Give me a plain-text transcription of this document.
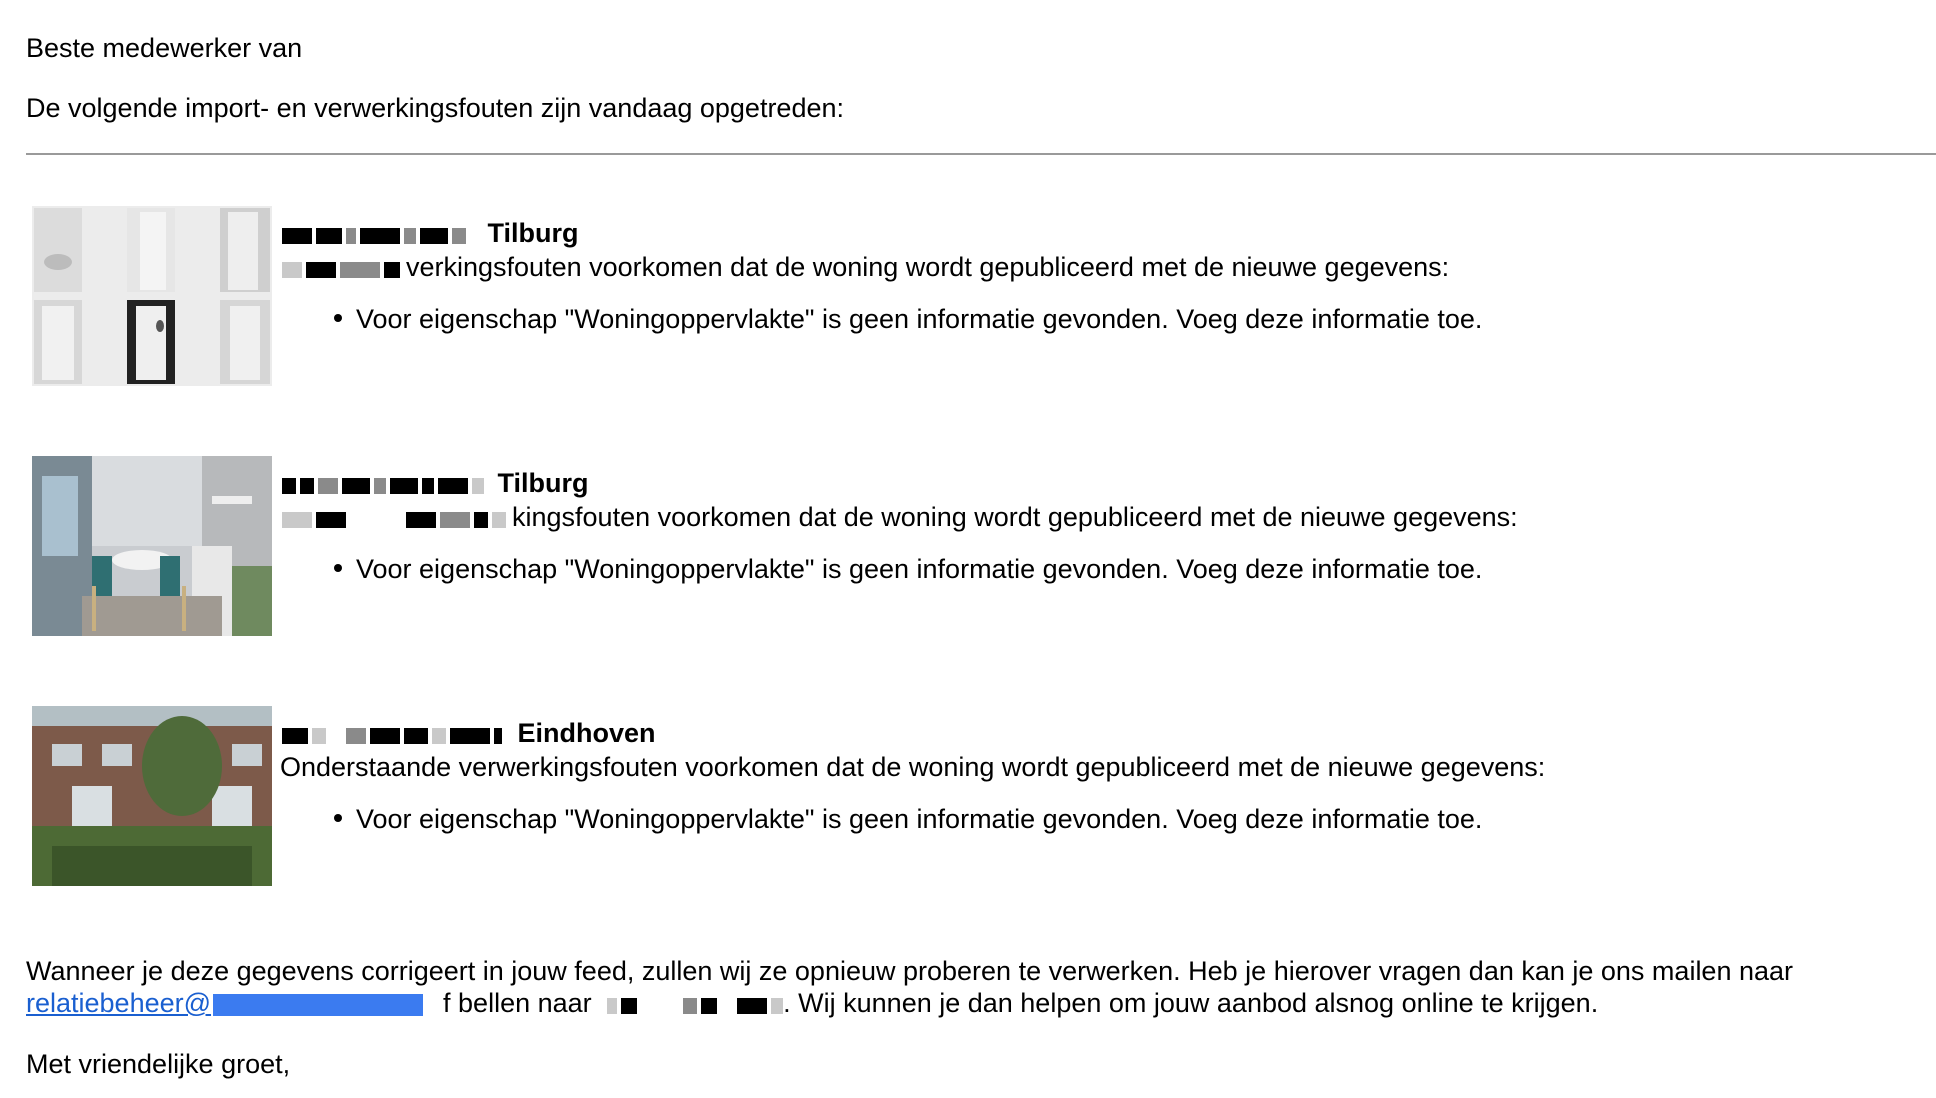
Beste medewerker van
De volgende import- en verwerkingsfouten zijn vandaag opgetreden:
Tilburg
verkingsfouten voorkomen dat de woning wordt gepubliceerd met de nieuwe gegevens:
Voor eigenschap "Woningoppervlakte" is geen informatie gevonden. Voeg deze informatie toe.
Tilburg
kingsfouten voorkomen dat de woning wordt gepubliceerd met de nieuwe gegevens:
Voor eigenschap "Woningoppervlakte" is geen informatie gevonden. Voeg deze informatie toe.
Eindhoven
Onderstaande verwerkingsfouten voorkomen dat de woning wordt gepubliceerd met de nieuwe gegevens:
Voor eigenschap "Woningoppervlakte" is geen informatie gevonden. Voeg deze informatie toe.
Wanneer je deze gegevens corrigeert in jouw feed, zullen wij ze opnieuw proberen te verwerken. Heb je hierover vragen dan kan je ons mailen naar
relatiebeheer@	f bellen naar	. Wij kunnen je dan helpen om jouw aanbod alsnog online te krijgen.
Met vriendelijke groet,
